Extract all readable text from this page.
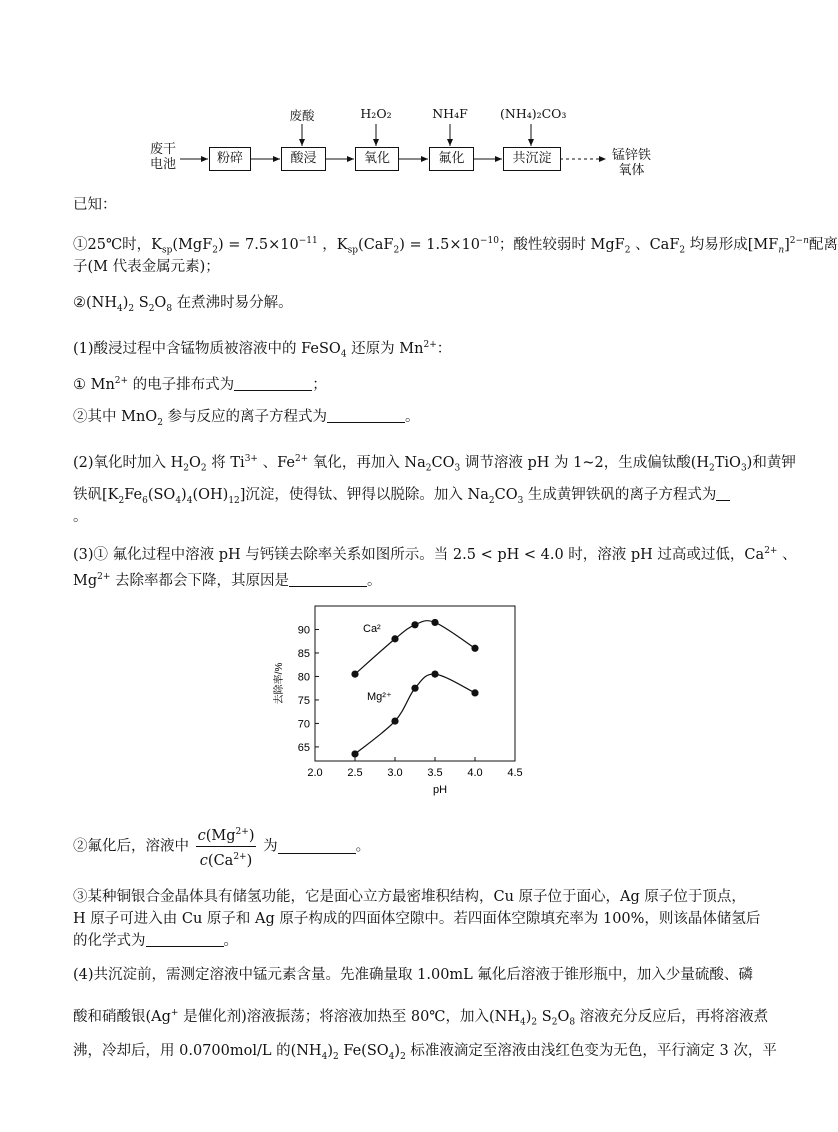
废干
电池	粉碎	酸浸	氧化	氟化	共沉淀
废酸	H₂O₂	NH₄F	(NH₄)₂CO₃
锰锌铁
氧体
已知：
①25℃时，$K_{sp}(MgF_2) = 7.5\times 10^{-11}$ ，$K_{sp}(CaF_2) = 1.5\times 10^{-10}$；酸性较弱时 MgF$_2$ 、CaF$_2$ 均易形成$[MF_n]^{2-n}$配离
子(M 代表金属元素)；
$②(NH_4)_2$ $S_2O_8$ 在煮沸时易分解。
(1)酸浸过程中含锰物质被溶液中的 FeSO$_4$ 还原为 $Mn^{2+}$：
① $Mn^{2+}$ 的电子排布式为	；
②其中 MnO$_2$ 参与反应的离子方程式为	。
(2)氧化时加入 $H_2O_2$ 将 $Ti^{3+}$ 、$Fe^{2+}$ 氧化，再加入 $Na_2CO_3$ 调节溶液 pH 为 1~2，生成偏钛酸$(H_2TiO_3)$和黄钾
铁矾$[K_2Fe_6(SO_4)_4(OH)_{12}]$沉淀，使得钛、钾得以脱除。加入 $Na_2CO_3$ 生成黄钾铁矾的离子方程式为
。
(3)① 氟化过程中溶液 pH 与钙镁去除率关系如图所示。当 2.5 < pH < 4.0 时，溶液 pH 过高或过低，$Ca^{2+}$ 、
$Mg^{2+}$ 去除率都会下降，其原因是	。
2.0 2.5 3.0 3.5 4.0 4.5
65
70
75
80
85
90
pH
去除率/%
Ca²
Mg²⁺
②氟化后，溶液中 $\frac{c(Mg^{2+})}{c(Ca^{2+})}$ 为	。
③某种铜银合金晶体具有储氢功能，它是面心立方最密堆积结构，Cu 原子位于面心，Ag 原子位于顶点，
H 原子可进入由 Cu 原子和 Ag 原子构成的四面体空隙中。若四面体空隙填充率为 100%，则该晶体储氢后
的化学式为	。
(4)共沉淀前，需测定溶液中锰元素含量。先准确量取 1.00mL 氟化后溶液于锥形瓶中，加入少量硫酸、磷
酸和硝酸银(Ag+ 是催化剂)溶液振荡；将溶液加热至 80℃，加入$(NH_4)_2$ $S_2O_8$ 溶液充分反应后，再将溶液煮
沸，冷却后，用 0.0700mol/L 的$(NH_4)_2$ $Fe(SO_4)_2$ 标准液滴定至溶液由浅红色变为无色，平行滴定 3 次，平
